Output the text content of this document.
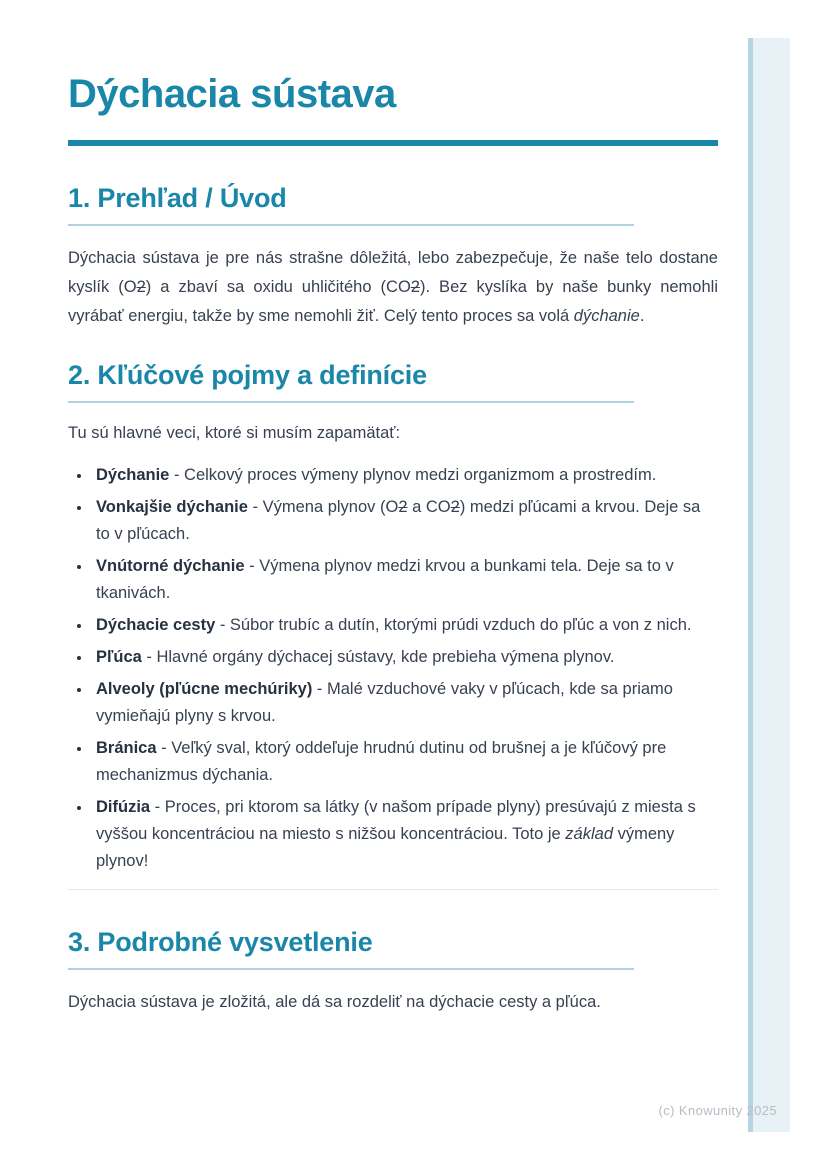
(c) Knowunity 2025
Dýchacia sústava
1. Prehľad / Úvod

Dýchacia sústava je pre nás strašne dôležitá, lebo zabezpečuje, že naše telo dostane kyslík (O2) a zbaví sa oxidu uhličitého (CO2). Bez kyslíka by naše bunky nemohli vyrábať energiu, takže by sme nemohli žiť. Celý tento proces sa volá dýchanie.

2. Kľúčové pojmy a definície

Tu sú hlavné veci, ktoré si musím zapamätať:

• Dýchanie - Celkový proces výmeny plynov medzi organizmom a prostredím.
• Vonkajšie dýchanie - Výmena plynov (O2 a CO2) medzi pľúcami a krvou. Deje sa to v pľúcach.
• Vnútorné dýchanie - Výmena plynov medzi krvou a bunkami tela. Deje sa to v tkanivách.
• Dýchacie cesty - Súbor trubíc a dutín, ktorými prúdi vzduch do pľúc a von z nich.
• Pľúca - Hlavné orgány dýchacej sústavy, kde prebieha výmena plynov.
• Alveoly (pľúcne mechúriky) - Malé vzduchové vaky v pľúcach, kde sa priamo vymieňajú plyny s krvou.
• Bránica - Veľký sval, ktorý oddeľuje hrudnú dutinu od brušnej a je kľúčový pre mechanizmus dýchania.
• Difúzia - Proces, pri ktorom sa látky (v našom prípade plyny) presúvajú z miesta s vyššou koncentráciou na miesto s nižšou koncentráciou. Toto je základ výmeny plynov!
3. Podrobné vysvetlenie

Dýchacia sústava je zložitá, ale dá sa rozdeliť na dýchacie cesty a pľúca.
